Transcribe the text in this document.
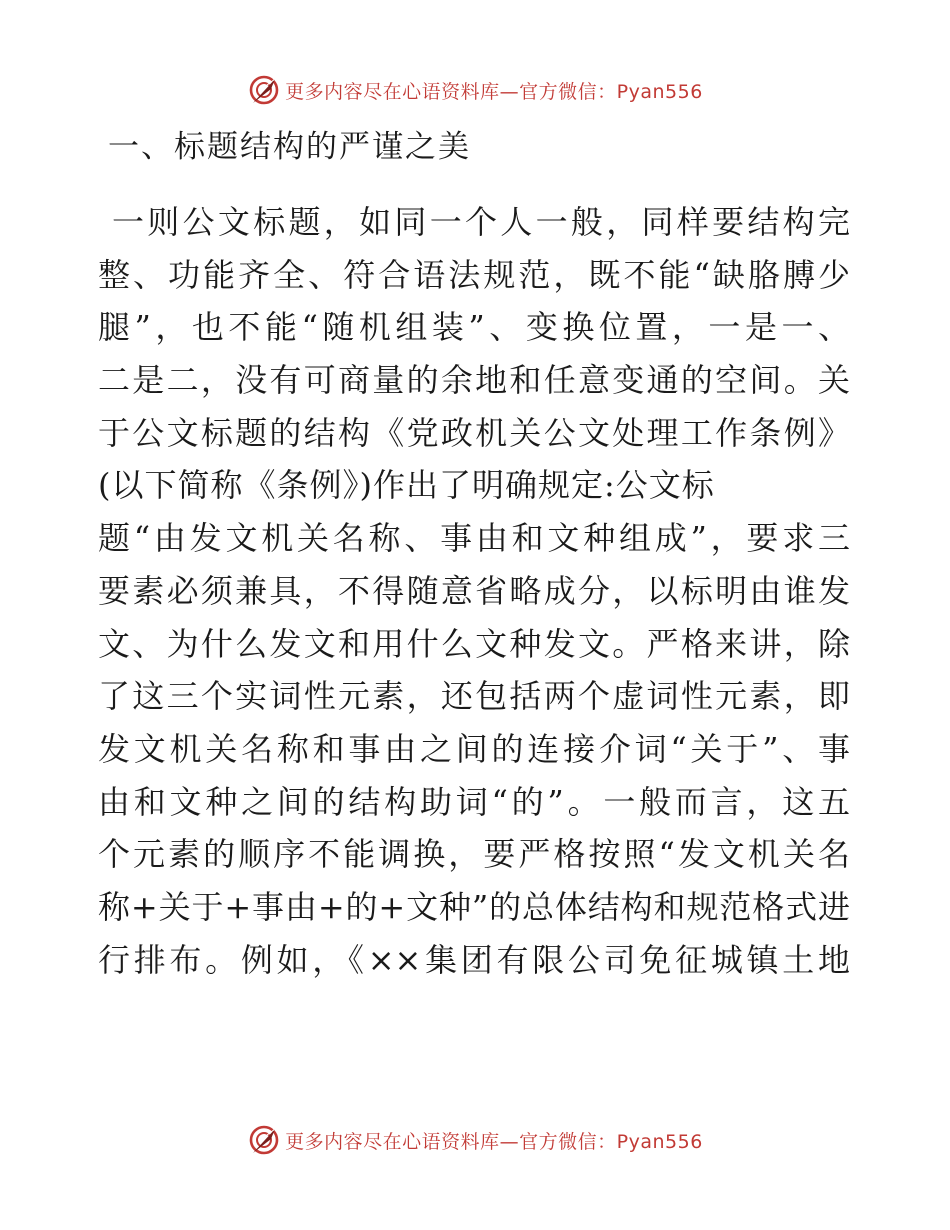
更多内容尽在心语资料库—官方微信：Pyan556
一、标题结构的严谨之美
一则公文标题，如同一个人一般，同样要结构完
整、功能齐全、符合语法规范，既不能“缺胳膊少
腿”，也不能“随机组装”、变换位置，一是一、
二是二，没有可商量的余地和任意变通的空间。关
于公文标题的结构《党政机关公文处理工作条例》
(以下简称《条例》)作出了明确规定:公文标
题“由发文机关名称、事由和文种组成”，要求三
要素必须兼具，不得随意省略成分，以标明由谁发
文、为什么发文和用什么文种发文。严格来讲，除
了这三个实词性元素，还包括两个虚词性元素，即
发文机关名称和事由之间的连接介词“关于”、事
由和文种之间的结构助词“的”。一般而言，这五
个元素的顺序不能调换，要严格按照“发文机关名
称+关于+事由+的+文种”的总体结构和规范格式进
行排布。例如，《××集团有限公司免征城镇土地
更多内容尽在心语资料库—官方微信：Pyan556
